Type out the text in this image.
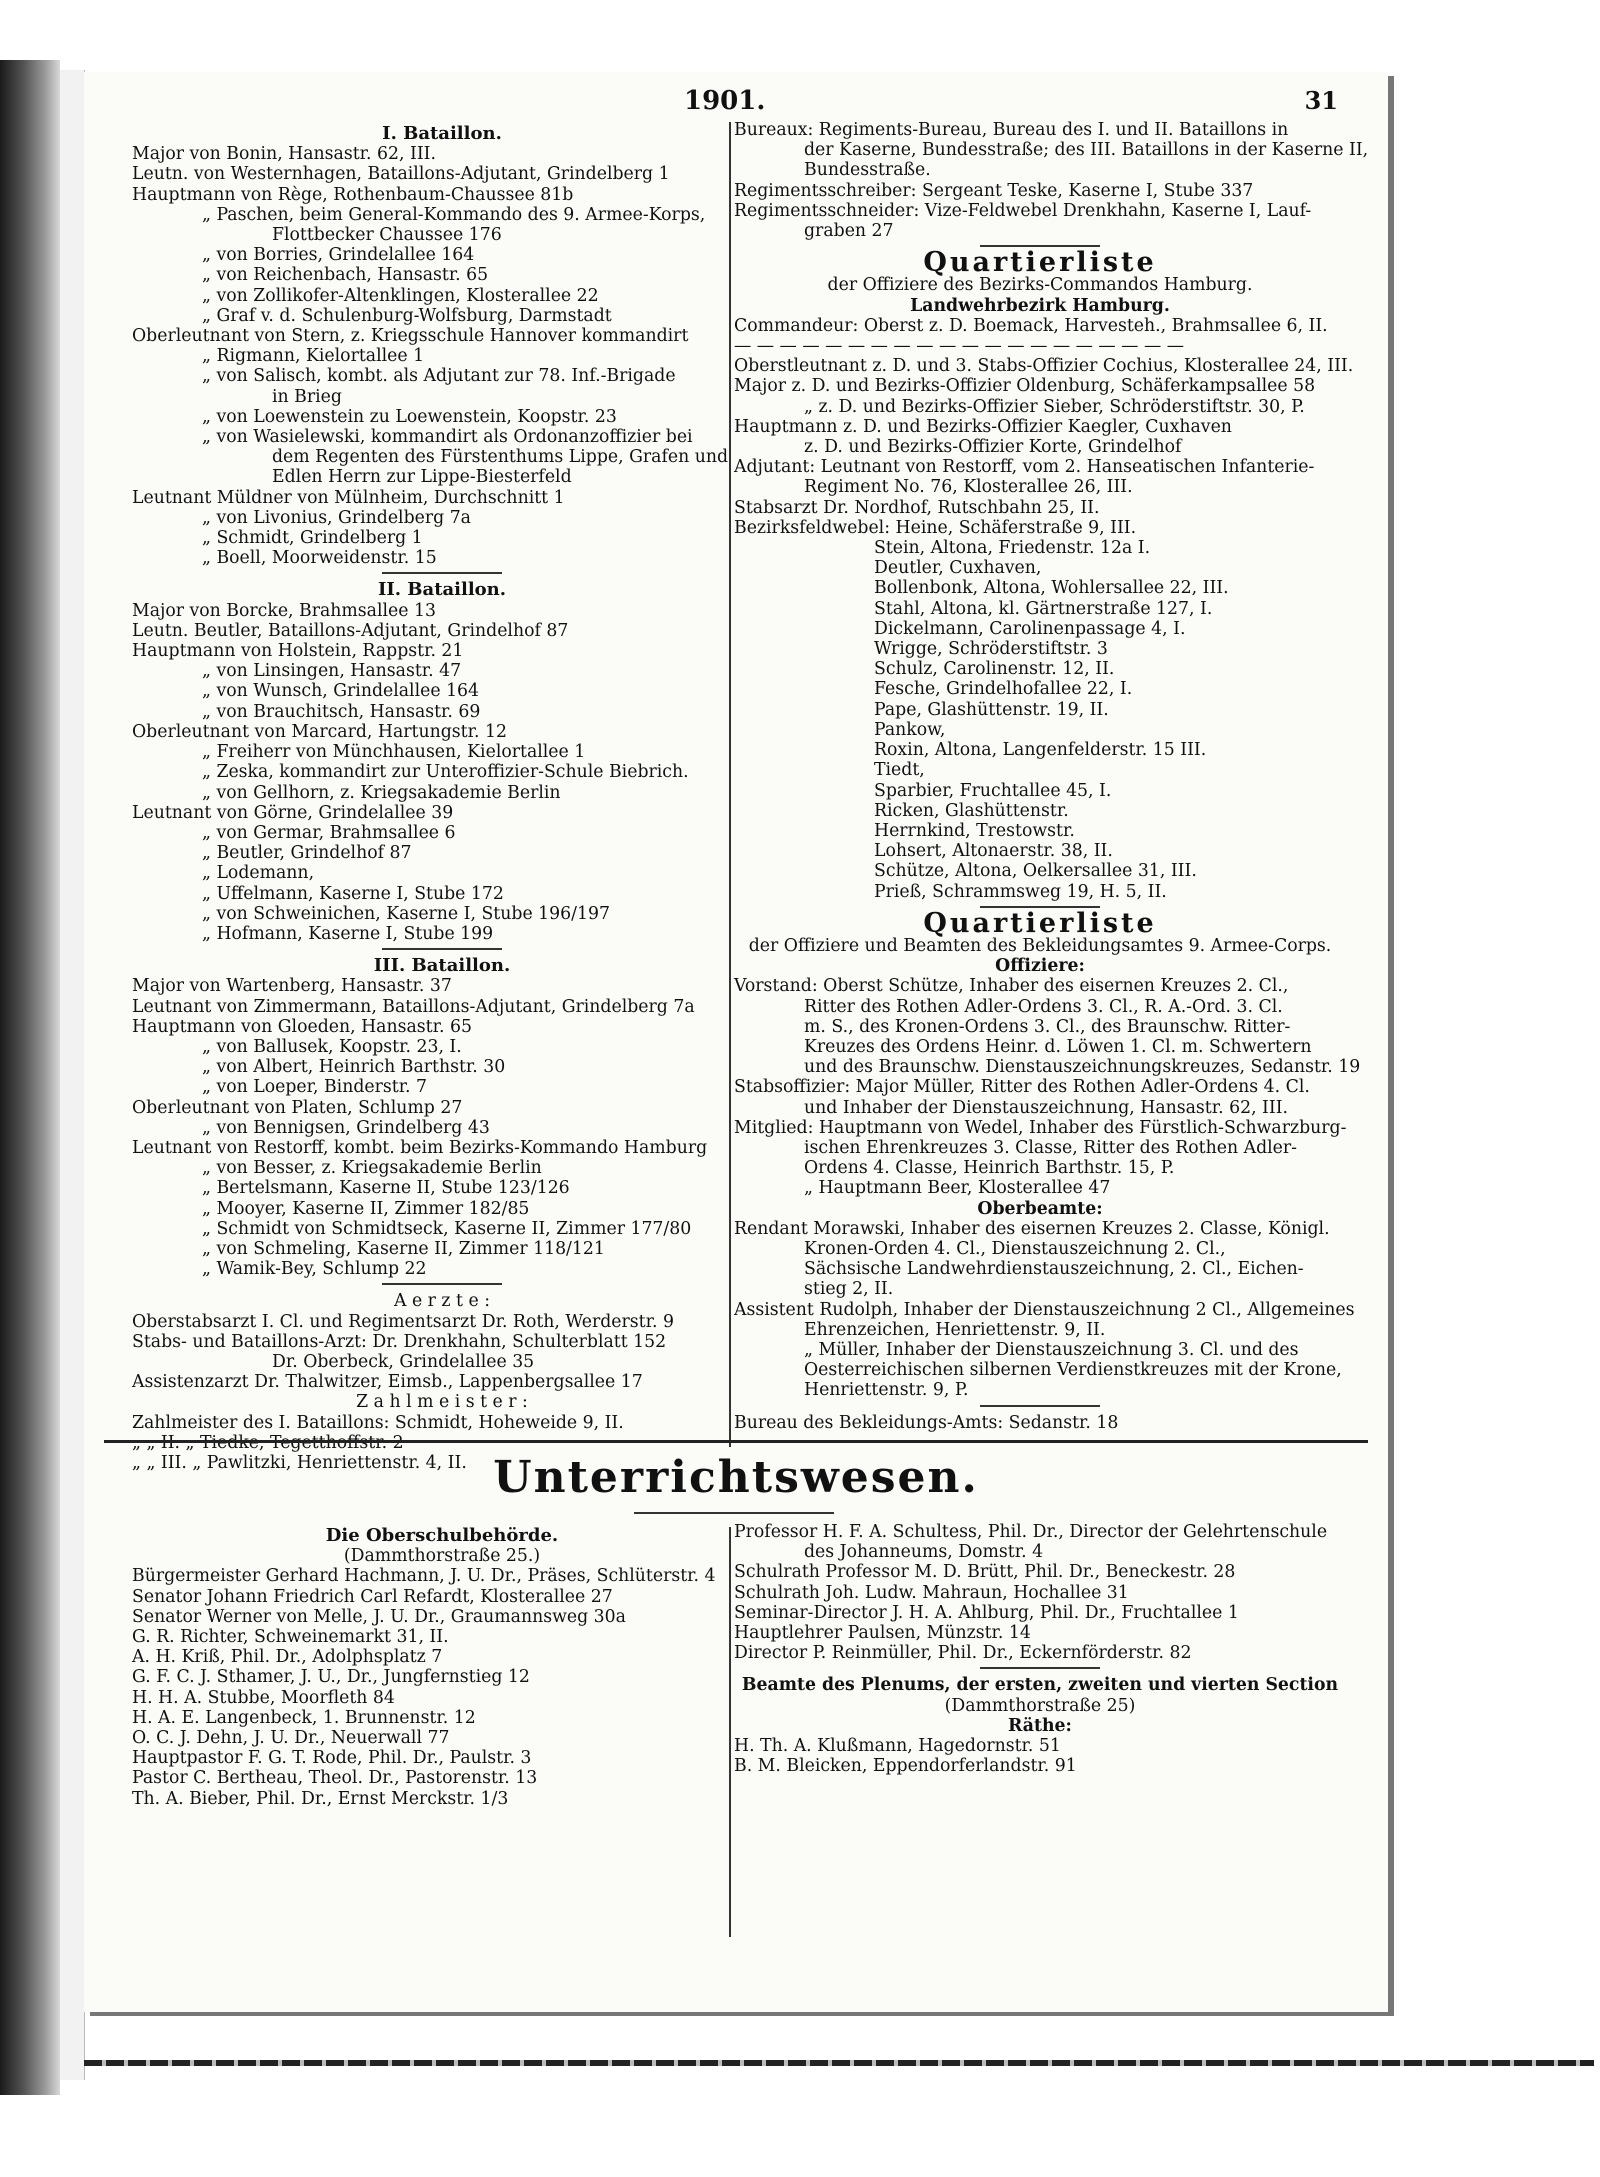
1901.	31
I. Bataillon.
Major von Bonin, Hansastr. 62, III.
Leutn. von Westernhagen, Bataillons-Adjutant, Grindelberg 1
Hauptmann von Rège, Rothenbaum-Chaussee 81b
„ Paschen, beim General-Kommando des 9. Armee-Korps,
Flottbecker Chaussee 176
„ von Borries, Grindelallee 164
„ von Reichenbach, Hansastr. 65
„ von Zollikofer-Altenklingen, Klosterallee 22
„ Graf v. d. Schulenburg-Wolfsburg, Darmstadt
Oberleutnant von Stern, z. Kriegsschule Hannover kommandirt
„ Rigmann, Kielortallee 1
„ von Salisch, kombt. als Adjutant zur 78. Inf.-Brigade
in Brieg
„ von Loewenstein zu Loewenstein, Koopstr. 23
„ von Wasielewski, kommandirt als Ordonanzoffizier bei
dem Regenten des Fürstenthums Lippe, Grafen und
Edlen Herrn zur Lippe-Biesterfeld
Leutnant Müldner von Mülnheim, Durchschnitt 1
„ von Livonius, Grindelberg 7a
„ Schmidt, Grindelberg 1
„ Boell, Moorweidenstr. 15
II. Bataillon.
Major von Borcke, Brahmsallee 13
Leutn. Beutler, Bataillons-Adjutant, Grindelhof 87
Hauptmann von Holstein, Rappstr. 21
„ von Linsingen, Hansastr. 47
„ von Wunsch, Grindelallee 164
„ von Brauchitsch, Hansastr. 69
Oberleutnant von Marcard, Hartungstr. 12
„ Freiherr von Münchhausen, Kielortallee 1
„ Zeska, kommandirt zur Unteroffizier-Schule Biebrich.
„ von Gellhorn, z. Kriegsakademie Berlin
Leutnant von Görne, Grindelallee 39
„ von Germar, Brahmsallee 6
„ Beutler, Grindelhof 87
„ Lodemann,
„ Uffelmann, Kaserne I, Stube 172
„ von Schweinichen, Kaserne I, Stube 196/197
„ Hofmann, Kaserne I, Stube 199
III. Bataillon.
Major von Wartenberg, Hansastr. 37
Leutnant von Zimmermann, Bataillons-Adjutant, Grindelberg 7a
Hauptmann von Gloeden, Hansastr. 65
„ von Ballusek, Koopstr. 23, I.
„ von Albert, Heinrich Barthstr. 30
„ von Loeper, Binderstr. 7
Oberleutnant von Platen, Schlump 27
„ von Bennigsen, Grindelberg 43
Leutnant von Restorff, kombt. beim Bezirks-Kommando Hamburg
„ von Besser, z. Kriegsakademie Berlin
„ Bertelsmann, Kaserne II, Stube 123/126
„ Mooyer, Kaserne II, Zimmer 182/85
„ Schmidt von Schmidtseck, Kaserne II, Zimmer 177/80
„ von Schmeling, Kaserne II, Zimmer 118/121
„ Wamik-Bey, Schlump 22
A e r z t e :
Oberstabsarzt I. Cl. und Regimentsarzt Dr. Roth, Werderstr. 9
Stabs- und Bataillons-Arzt: Dr. Drenkhahn, Schulterblatt 152
Dr. Oberbeck, Grindelallee 35
Assistenzarzt Dr. Thalwitzer, Eimsb., Lappenbergsallee 17
Z a h l m e i s t e r :
Zahlmeister des I. Bataillons: Schmidt, Hoheweide 9, II.
„ „ III. „ Pawlitzki, Henriettenstr. 4, II.
Bureaux: Regiments-Bureau, Bureau des I. und II. Bataillons in
der Kaserne, Bundesstraße; des III. Bataillons in der Kaserne II,
Bundesstraße.
Regimentsschreiber: Sergeant Teske, Kaserne I, Stube 337
Regimentsschneider: Vize-Feldwebel Drenkhahn, Kaserne I, Lauf-
graben 27
Quartierliste
der Offiziere des Bezirks-Commandos Hamburg.
Landwehrbezirk Hamburg.
Commandeur: Oberst z. D. Boemack, Harvesteh., Brahmsallee 6, II.
— — — — — — — — — — — — — — — — — — — —
Oberstleutnant z. D. und 3. Stabs-Offizier Cochius, Klosterallee 24, III.
Major z. D. und Bezirks-Offizier Oldenburg, Schäferkampsallee 58
„ z. D. und Bezirks-Offizier Sieber, Schröderstiftstr. 30, P.
Hauptmann z. D. und Bezirks-Offizier Kaegler, Cuxhaven
z. D. und Bezirks-Offizier Korte, Grindelhof
Adjutant: Leutnant von Restorff, vom 2. Hanseatischen Infanterie-
Regiment No. 76, Klosterallee 26, III.
Stabsarzt Dr. Nordhof, Rutschbahn 25, II.
Bezirksfeldwebel: Heine, Schäferstraße 9, III.
Stein, Altona, Friedenstr. 12a I.
Deutler, Cuxhaven,
Bollenbonk, Altona, Wohlersallee 22, III.
Stahl, Altona, kl. Gärtnerstraße 127, I.
Dickelmann, Carolinenpassage 4, I.
Wrigge, Schröderstiftstr. 3
Schulz, Carolinenstr. 12, II.
Fesche, Grindelhofallee 22, I.
Pape, Glashüttenstr. 19, II.
Pankow,
Roxin, Altona, Langenfelderstr. 15 III.
Tiedt,
Sparbier, Fruchtallee 45, I.
Ricken, Glashüttenstr.
Herrnkind, Trestowstr.
Lohsert, Altonaerstr. 38, II.
Schütze, Altona, Oelkersallee 31, III.
Prieß, Schrammsweg 19, H. 5, II.
Quartierliste
der Offiziere und Beamten des Bekleidungsamtes 9. Armee-Corps.
Offiziere:
Vorstand: Oberst Schütze, Inhaber des eisernen Kreuzes 2. Cl.,
Ritter des Rothen Adler-Ordens 3. Cl., R. A.-Ord. 3. Cl.
m. S., des Kronen-Ordens 3. Cl., des Braunschw. Ritter-
Kreuzes des Ordens Heinr. d. Löwen 1. Cl. m. Schwertern
und des Braunschw. Dienstauszeichnungskreuzes, Sedanstr. 19
Stabsoffizier: Major Müller, Ritter des Rothen Adler-Ordens 4. Cl.
und Inhaber der Dienstauszeichnung, Hansastr. 62, III.
Mitglied: Hauptmann von Wedel, Inhaber des Fürstlich-Schwarzburg-
ischen Ehrenkreuzes 3. Classe, Ritter des Rothen Adler-
Ordens 4. Classe, Heinrich Barthstr. 15, P.
„ Hauptmann Beer, Klosterallee 47
Oberbeamte:
Rendant Morawski, Inhaber des eisernen Kreuzes 2. Classe, Königl.
Kronen-Orden 4. Cl., Dienstauszeichnung 2. Cl.,
Sächsische Landwehrdienstauszeichnung, 2. Cl., Eichen-
stieg 2, II.
Assistent Rudolph, Inhaber der Dienstauszeichnung 2 Cl., Allgemeines
Ehrenzeichen, Henriettenstr. 9, II.
„ Müller, Inhaber der Dienstauszeichnung 3. Cl. und des
Oesterreichischen silbernen Verdienstkreuzes mit der Krone,
Henriettenstr. 9, P.
Bureau des Bekleidungs-Amts: Sedanstr. 18
Unterrichtswesen.
Die Oberschulbehörde.
(Dammthorstraße 25.)
Bürgermeister Gerhard Hachmann, J. U. Dr., Präses, Schlüterstr. 4
Senator Johann Friedrich Carl Refardt, Klosterallee 27
Senator Werner von Melle, J. U. Dr., Graumannsweg 30a
G. R. Richter, Schweinemarkt 31, II.
A. H. Kriß, Phil. Dr., Adolphsplatz 7
G. F. C. J. Sthamer, J. U., Dr., Jungfernstieg 12
H. H. A. Stubbe, Moorfleth 84
H. A. E. Langenbeck, 1. Brunnenstr. 12
O. C. J. Dehn, J. U. Dr., Neuerwall 77
Hauptpastor F. G. T. Rode, Phil. Dr., Paulstr. 3
Pastor C. Bertheau, Theol. Dr., Pastorenstr. 13
Th. A. Bieber, Phil. Dr., Ernst Merckstr. 1/3
Professor H. F. A. Schultess, Phil. Dr., Director der Gelehrtenschule
des Johanneums, Domstr. 4
Schulrath Professor M. D. Brütt, Phil. Dr., Beneckestr. 28
Schulrath Joh. Ludw. Mahraun, Hochallee 31
Seminar-Director J. H. A. Ahlburg, Phil. Dr., Fruchtallee 1
Hauptlehrer Paulsen, Münzstr. 14
Director P. Reinmüller, Phil. Dr., Eckernförderstr. 82
Beamte des Plenums, der ersten, zweiten und vierten Section
(Dammthorstraße 25)
Räthe:
H. Th. A. Klußmann, Hagedornstr. 51
B. M. Bleicken, Eppendorferlandstr. 91
